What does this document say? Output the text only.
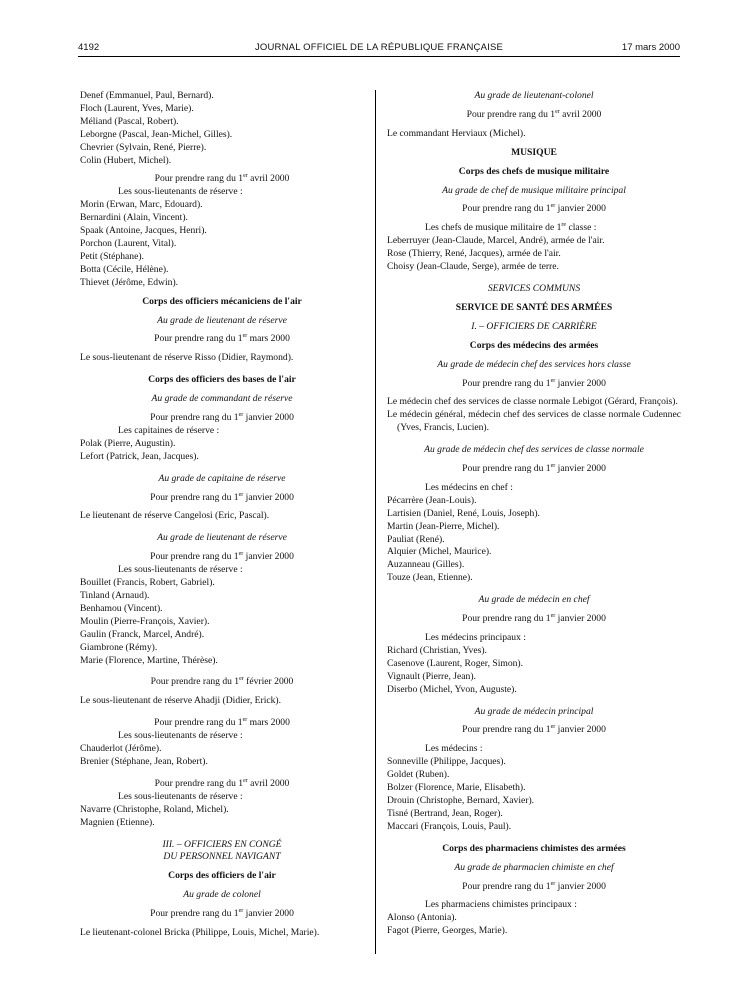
4192	JOURNAL OFFICIEL DE LA RÉPUBLIQUE FRANÇAISE	17 mars 2000
Denef (Emmanuel, Paul, Bernard).
Floch (Laurent, Yves, Marie).
Méliand (Pascal, Robert).
Leborgne (Pascal, Jean-Michel, Gilles).
Chevrier (Sylvain, René, Pierre).
Colin (Hubert, Michel).
Pour prendre rang du 1er avril 2000
Les sous-lieutenants de réserve :
Morin (Erwan, Marc, Edouard).
Bernardini (Alain, Vincent).
Spaak (Antoine, Jacques, Henri).
Porchon (Laurent, Vital).
Petit (Stéphane).
Botta (Cécile, Hélène).
Thievet (Jérôme, Edwin).
Corps des officiers mécaniciens de l'air
Au grade de lieutenant de réserve
Pour prendre rang du 1er mars 2000
Le sous-lieutenant de réserve Risso (Didier, Raymond).
Corps des officiers des bases de l'air
Au grade de commandant de réserve
Pour prendre rang du 1er janvier 2000
Les capitaines de réserve :
Polak (Pierre, Augustin).
Lefort (Patrick, Jean, Jacques).
Au grade de capitaine de réserve
Pour prendre rang du 1er janvier 2000
Le lieutenant de réserve Cangelosi (Eric, Pascal).
Au grade de lieutenant de réserve
Pour prendre rang du 1er janvier 2000
Les sous-lieutenants de réserve :
Bouillet (Francis, Robert, Gabriel).
Tinland (Arnaud).
Benhamou (Vincent).
Moulin (Pierre-François, Xavier).
Gaulin (Franck, Marcel, André).
Giambrone (Rémy).
Marie (Florence, Martine, Thérèse).
Pour prendre rang du 1er février 2000
Le sous-lieutenant de réserve Ahadji (Didier, Erick).
Pour prendre rang du 1er mars 2000
Les sous-lieutenants de réserve :
Chauderlot (Jérôme).
Brenier (Stéphane, Jean, Robert).
Pour prendre rang du 1er avril 2000
Les sous-lieutenants de réserve :
Navarre (Christophe, Roland, Michel).
Magnien (Etienne).
III. – OFFICIERS EN CONGÉ
DU PERSONNEL NAVIGANT
Corps des officiers de l'air
Au grade de colonel
Pour prendre rang du 1er janvier 2000
Le lieutenant-colonel Bricka (Philippe, Louis, Michel, Marie).
Au grade de lieutenant-colonel
Pour prendre rang du 1er avril 2000
Le commandant Herviaux (Michel).
MUSIQUE
Corps des chefs de musique militaire
Au grade de chef de musique militaire principal
Pour prendre rang du 1er janvier 2000
Les chefs de musique militaire de 1re classe :
Leberruyer (Jean-Claude, Marcel, André), armée de l'air.
Rose (Thierry, René, Jacques), armée de l'air.
Choisy (Jean-Claude, Serge), armée de terre.
SERVICES COMMUNS
SERVICE DE SANTÉ DES ARMÉES
I. – OFFICIERS DE CARRIÈRE
Corps des médecins des armées
Au grade de médecin chef des services hors classe
Pour prendre rang du 1er janvier 2000
Le médecin chef des services de classe normale Lebigot (Gérard, François).
Le médecin général, médecin chef des services de classe normale Cudennec (Yves, Francis, Lucien).
Au grade de médecin chef des services de classe normale
Pour prendre rang du 1er janvier 2000
Les médecins en chef :
Pécarrère (Jean-Louis).
Lartisien (Daniel, René, Louis, Joseph).
Martin (Jean-Pierre, Michel).
Pauliat (René).
Alquier (Michel, Maurice).
Auzanneau (Gilles).
Touze (Jean, Etienne).
Au grade de médecin en chef
Pour prendre rang du 1er janvier 2000
Les médecins principaux :
Richard (Christian, Yves).
Casenove (Laurent, Roger, Simon).
Vignault (Pierre, Jean).
Diserbo (Michel, Yvon, Auguste).
Au grade de médecin principal
Pour prendre rang du 1er janvier 2000
Les médecins :
Sonneville (Philippe, Jacques).
Goldet (Ruben).
Bolzer (Florence, Marie, Elisabeth).
Drouin (Christophe, Bernard, Xavier).
Tisné (Bertrand, Jean, Roger).
Maccari (François, Louis, Paul).
Corps des pharmaciens chimistes des armées
Au grade de pharmacien chimiste en chef
Pour prendre rang du 1er janvier 2000
Les pharmaciens chimistes principaux :
Alonso (Antonia).
Fagot (Pierre, Georges, Marie).
